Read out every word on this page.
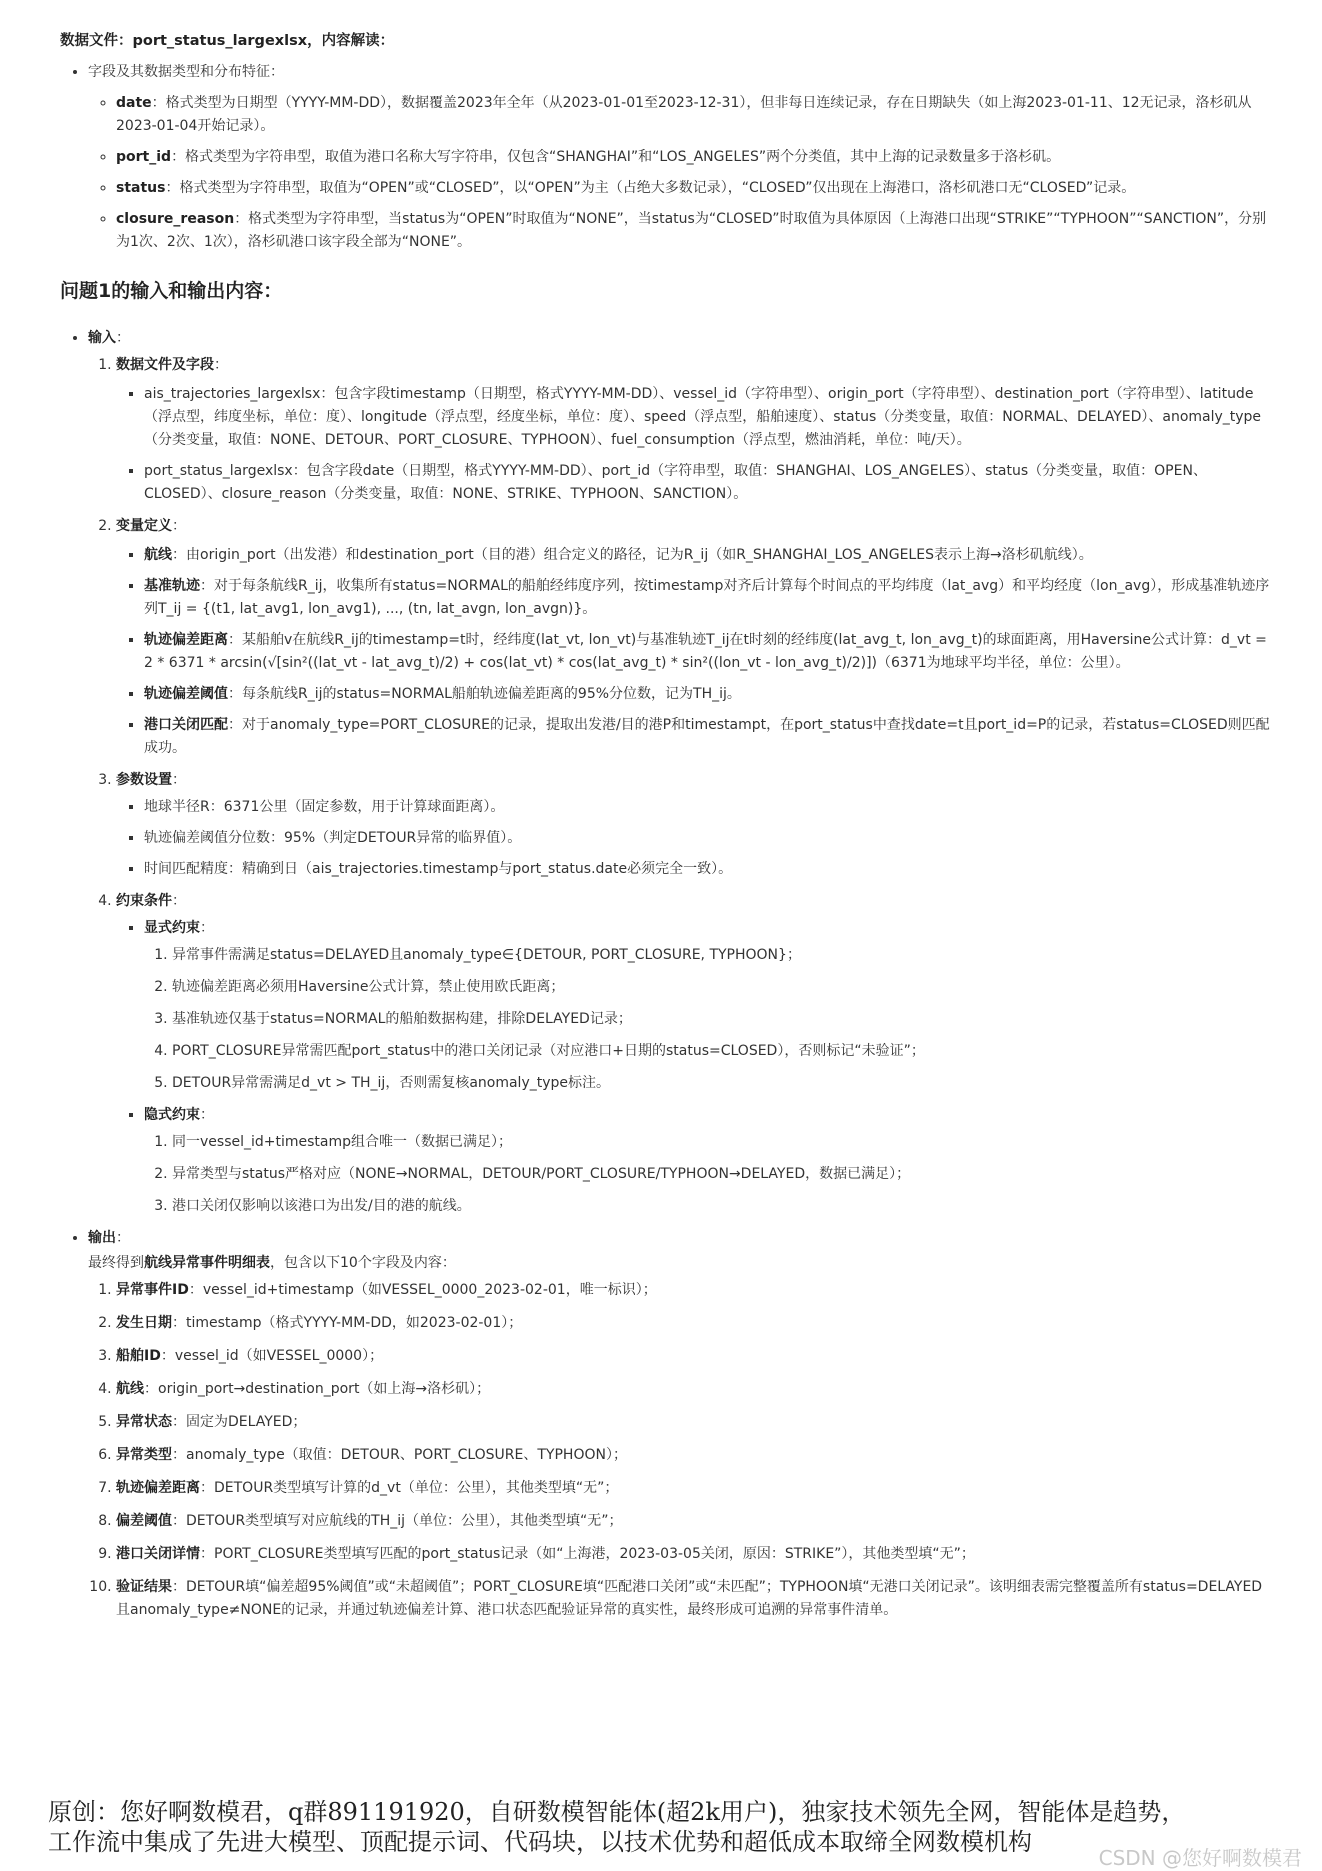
数据文件：port_status_largexlsx，内容解读：
• 字段及其数据类型和分布特征：
◦ date：格式类型为日期型（YYYY-MM-DD），数据覆盖2023年全年（从2023-01-01至2023-12-31），但非每日连续记录，存在日期缺失（如上海2023-01-11、12无记录，洛杉矶从2023-01-04开始记录）。
◦ port_id：格式类型为字符串型，取值为港口名称大写字符串，仅包含“SHANGHAI”和“LOS_ANGELES”两个分类值，其中上海的记录数量多于洛杉矶。
◦ status：格式类型为字符串型，取值为“OPEN”或“CLOSED”，以“OPEN”为主（占绝大多数记录），“CLOSED”仅出现在上海港口，洛杉矶港口无“CLOSED”记录。
◦ closure_reason：格式类型为字符串型，当status为“OPEN”时取值为“NONE”，当status为“CLOSED”时取值为具体原因（上海港口出现“STRIKE”“TYPHOON”“SANCTION”，分别为1次、2次、1次），洛杉矶港口该字段全部为“NONE”。
问题1的输入和输出内容：
• 输入：
1. 数据文件及字段：
▪ ais_trajectories_largexlsx：包含字段timestamp（日期型，格式YYYY-MM-DD）、vessel_id（字符串型）、origin_port（字符串型）、destination_port（字符串型）、latitude（浮点型，纬度坐标，单位：度）、longitude（浮点型，经度坐标，单位：度）、speed（浮点型，船舶速度）、status（分类变量，取值：NORMAL、DELAYED）、anomaly_type（分类变量，取值：NONE、DETOUR、PORT_CLOSURE、TYPHOON）、fuel_consumption（浮点型，燃油消耗，单位：吨/天）。
▪ port_status_largexlsx：包含字段date（日期型，格式YYYY-MM-DD）、port_id（字符串型，取值：SHANGHAI、LOS_ANGELES）、status（分类变量，取值：OPEN、CLOSED）、closure_reason（分类变量，取值：NONE、STRIKE、TYPHOON、SANCTION）。
2. 变量定义：
▪ 航线：由origin_port（出发港）和destination_port（目的港）组合定义的路径，记为R_ij（如R_SHANGHAI_LOS_ANGELES表示上海→洛杉矶航线）。
▪ 基准轨迹：对于每条航线R_ij，收集所有status=NORMAL的船舶经纬度序列，按timestamp对齐后计算每个时间点的平均纬度（lat_avg）和平均经度（lon_avg），形成基准轨迹序列T_ij = {(t1, lat_avg1, lon_avg1), ..., (tn, lat_avgn, lon_avgn)}。
▪ 轨迹偏差距离：某船舶v在航线R_ij的timestamp=t时，经纬度(lat_vt, lon_vt)与基准轨迹T_ij在t时刻的经纬度(lat_avg_t, lon_avg_t)的球面距离，用Haversine公式计算：d_vt = 2 * 6371 * arcsin(√[sin²((lat_vt - lat_avg_t)/2) + cos(lat_vt) * cos(lat_avg_t) * sin²((lon_vt - lon_avg_t)/2)])（6371为地球平均半径，单位：公里）。
▪ 轨迹偏差阈值：每条航线R_ij的status=NORMAL船舶轨迹偏差距离的95%分位数，记为TH_ij。
▪ 港口关闭匹配：对于anomaly_type=PORT_CLOSURE的记录，提取出发港/目的港P和timestampt，在port_status中查找date=t且port_id=P的记录，若status=CLOSED则匹配成功。
3. 参数设置：
▪ 地球半径R：6371公里（固定参数，用于计算球面距离）。
▪ 轨迹偏差阈值分位数：95%（判定DETOUR异常的临界值）。
▪ 时间匹配精度：精确到日（ais_trajectories.timestamp与port_status.date必须完全一致）。
4. 约束条件：
▪ 显式约束：
1. 异常事件需满足status=DELAYED且anomaly_type∈{DETOUR, PORT_CLOSURE, TYPHOON}；
2. 轨迹偏差距离必须用Haversine公式计算，禁止使用欧氏距离；
3. 基准轨迹仅基于status=NORMAL的船舶数据构建，排除DELAYED记录；
4. PORT_CLOSURE异常需匹配port_status中的港口关闭记录（对应港口+日期的status=CLOSED），否则标记“未验证”；
5. DETOUR异常需满足d_vt > TH_ij，否则需复核anomaly_type标注。
▪ 隐式约束：
1. 同一vessel_id+timestamp组合唯一（数据已满足）；
2. 异常类型与status严格对应（NONE→NORMAL，DETOUR/PORT_CLOSURE/TYPHOON→DELAYED，数据已满足）；
3. 港口关闭仅影响以该港口为出发/目的港的航线。
• 输出：
最终得到航线异常事件明细表，包含以下10个字段及内容：
1. 异常事件ID：vessel_id+timestamp（如VESSEL_0000_2023-02-01，唯一标识）；
2. 发生日期：timestamp（格式YYYY-MM-DD，如2023-02-01）；
3. 船舶ID：vessel_id（如VESSEL_0000）；
4. 航线：origin_port→destination_port（如上海→洛杉矶）；
5. 异常状态：固定为DELAYED；
6. 异常类型：anomaly_type（取值：DETOUR、PORT_CLOSURE、TYPHOON）；
7. 轨迹偏差距离：DETOUR类型填写计算的d_vt（单位：公里），其他类型填“无”；
8. 偏差阈值：DETOUR类型填写对应航线的TH_ij（单位：公里），其他类型填“无”；
9. 港口关闭详情：PORT_CLOSURE类型填写匹配的port_status记录（如“上海港，2023-03-05关闭，原因：STRIKE”），其他类型填“无”；
10. 验证结果：DETOUR填“偏差超95%阈值”或“未超阈值”；PORT_CLOSURE填“匹配港口关闭”或“未匹配”；TYPHOON填“无港口关闭记录”。该明细表需完整覆盖所有status=DELAYED且anomaly_type≠NONE的记录，并通过轨迹偏差计算、港口状态匹配验证异常的真实性，最终形成可追溯的异常事件清单。
原创：您好啊数模君，q群891191920，自研数模智能体(超2k用户)，独家技术领先全网，智能体是趋势，
工作流中集成了先进大模型、顶配提示词、代码块，以技术优势和超低成本取缔全网数模机构
CSDN @您好啊数模君
